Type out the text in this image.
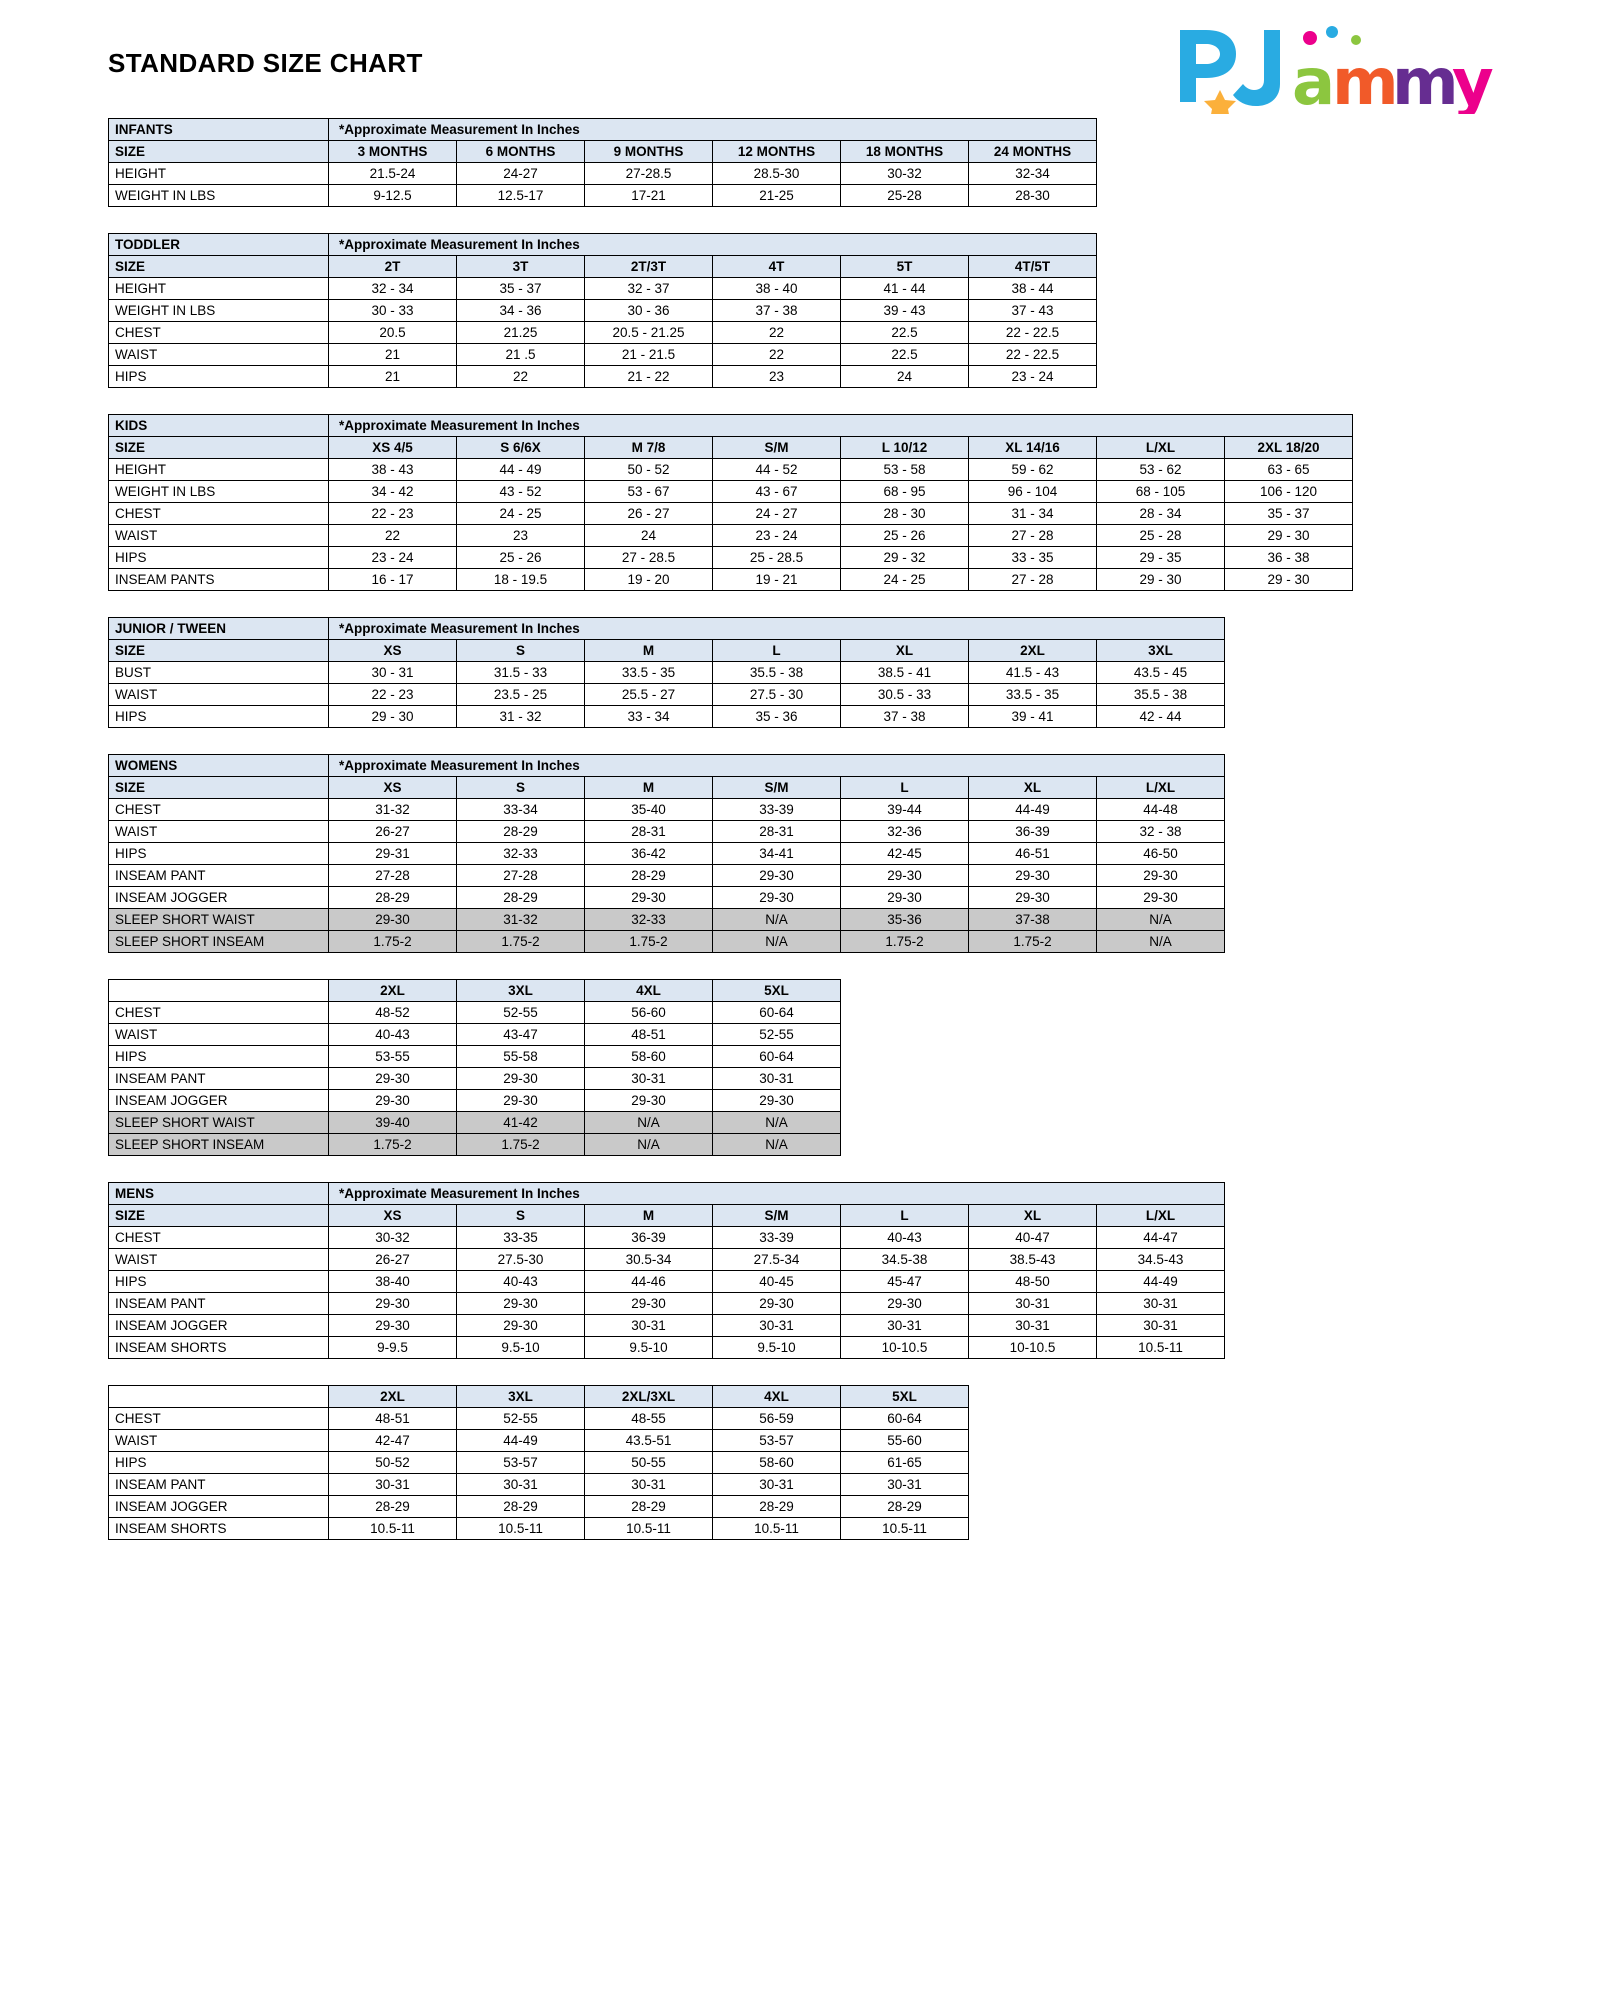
STANDARD SIZE CHART	a
m
m
y
INFANTS	*Approximate Measurement In Inches					
SIZE	3 MONTHS	6 MONTHS	9 MONTHS	12 MONTHS	18 MONTHS	24 MONTHS
HEIGHT	21.5-24	24-27	27-28.5	28.5-30	30-32	32-34
WEIGHT IN LBS	9-12.5	12.5-17	17-21	21-25	25-28	28-30
TODDLER	*Approximate Measurement In Inches					
SIZE	2T	3T	2T/3T	4T	5T	4T/5T
HEIGHT	32 - 34	35 - 37	32 - 37	38 - 40	41 - 44	38 - 44
WEIGHT IN LBS	30 - 33	34 - 36	30 - 36	37 - 38	39 - 43	37 - 43
CHEST	20.5	21.25	20.5 - 21.25	22	22.5	22 - 22.5
WAIST	21	21 .5	21 - 21.5	22	22.5	22 - 22.5
HIPS	21	22	21 - 22	23	24	23 - 24
KIDS	*Approximate Measurement In Inches							
SIZE	XS 4/5	S 6/6X	M 7/8	S/M	L 10/12	XL 14/16	L/XL	2XL 18/20
HEIGHT	38 - 43	44 - 49	50 - 52	44 - 52	53 - 58	59 - 62	53 - 62	63 - 65
WEIGHT IN LBS	34 - 42	43 - 52	53 - 67	43 - 67	68 - 95	96 - 104	68 - 105	106 - 120
CHEST	22 - 23	24 - 25	26 - 27	24 - 27	28 - 30	31 - 34	28 - 34	35 - 37
WAIST	22	23	24	23 - 24	25 - 26	27 - 28	25 - 28	29 - 30
HIPS	23 - 24	25 - 26	27 - 28.5	25 - 28.5	29 - 32	33 - 35	29 - 35	36 - 38
INSEAM PANTS	16 - 17	18 - 19.5	19 - 20	19 - 21	24 - 25	27 - 28	29 - 30	29 - 30
JUNIOR / TWEEN	*Approximate Measurement In Inches						
SIZE	XS	S	M	L	XL	2XL	3XL
BUST	30 - 31	31.5 - 33	33.5 - 35	35.5 - 38	38.5 - 41	41.5 - 43	43.5 - 45
WAIST	22 - 23	23.5 - 25	25.5 - 27	27.5 - 30	30.5 - 33	33.5 - 35	35.5 - 38
HIPS	29 - 30	31 - 32	33 - 34	35 - 36	37 - 38	39 - 41	42 - 44
WOMENS	*Approximate Measurement In Inches						
SIZE	XS	S	M	S/M	L	XL	L/XL
CHEST	31-32	33-34	35-40	33-39	39-44	44-49	44-48
WAIST	26-27	28-29	28-31	28-31	32-36	36-39	32 - 38
HIPS	29-31	32-33	36-42	34-41	42-45	46-51	46-50
INSEAM PANT	27-28	27-28	28-29	29-30	29-30	29-30	29-30
INSEAM JOGGER	28-29	28-29	29-30	29-30	29-30	29-30	29-30
SLEEP SHORT WAIST	29-30	31-32	32-33	N/A	35-36	37-38	N/A
SLEEP SHORT INSEAM	1.75-2	1.75-2	1.75-2	N/A	1.75-2	1.75-2	N/A
	2XL	3XL	4XL	5XL
CHEST	48-52	52-55	56-60	60-64
WAIST	40-43	43-47	48-51	52-55
HIPS	53-55	55-58	58-60	60-64
INSEAM PANT	29-30	29-30	30-31	30-31
INSEAM JOGGER	29-30	29-30	29-30	29-30
SLEEP SHORT WAIST	39-40	41-42	N/A	N/A
SLEEP SHORT INSEAM	1.75-2	1.75-2	N/A	N/A
MENS	*Approximate Measurement In Inches						
SIZE	XS	S	M	S/M	L	XL	L/XL
CHEST	30-32	33-35	36-39	33-39	40-43	40-47	44-47
WAIST	26-27	27.5-30	30.5-34	27.5-34	34.5-38	38.5-43	34.5-43
HIPS	38-40	40-43	44-46	40-45	45-47	48-50	44-49
INSEAM PANT	29-30	29-30	29-30	29-30	29-30	30-31	30-31
INSEAM JOGGER	29-30	29-30	30-31	30-31	30-31	30-31	30-31
INSEAM SHORTS	9-9.5	9.5-10	9.5-10	9.5-10	10-10.5	10-10.5	10.5-11
	2XL	3XL	2XL/3XL	4XL	5XL
CHEST	48-51	52-55	48-55	56-59	60-64
WAIST	42-47	44-49	43.5-51	53-57	55-60
HIPS	50-52	53-57	50-55	58-60	61-65
INSEAM PANT	30-31	30-31	30-31	30-31	30-31
INSEAM JOGGER	28-29	28-29	28-29	28-29	28-29
INSEAM SHORTS	10.5-11	10.5-11	10.5-11	10.5-11	10.5-11
